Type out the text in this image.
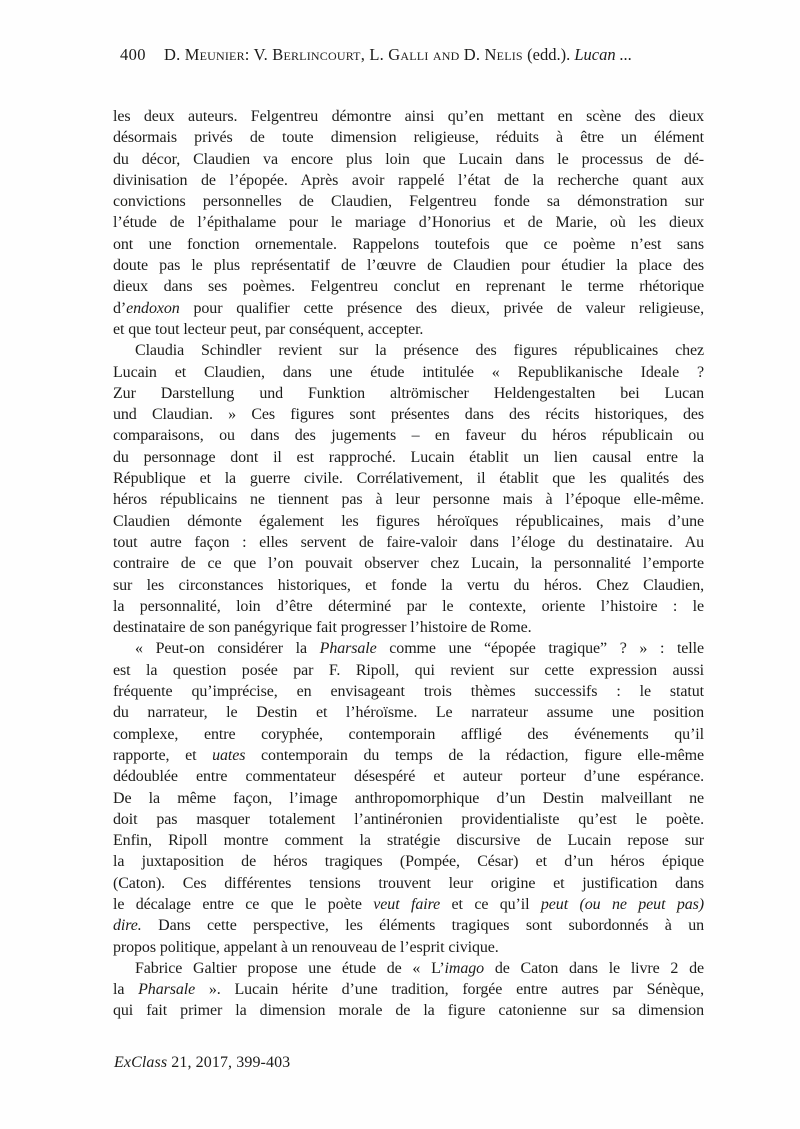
400 D. Meunier: V. Berlincourt, L. Galli and D. Nelis (edd.). Lucan ...
les deux auteurs. Felgentreu démontre ainsi qu’en mettant en scène des dieux
désormais privés de toute dimension religieuse, réduits à être un élément
du décor, Claudien va encore plus loin que Lucain dans le processus de dé-
divinisation de l’épopée. Après avoir rappelé l’état de la recherche quant aux
convictions personnelles de Claudien, Felgentreu fonde sa démonstration sur
l’étude de l’épithalame pour le mariage d’Honorius et de Marie, où les dieux
ont une fonction ornementale. Rappelons toutefois que ce poème n’est sans
doute pas le plus représentatif de l’œuvre de Claudien pour étudier la place des
dieux dans ses poèmes. Felgentreu conclut en reprenant le terme rhétorique
d’endoxon pour qualifier cette présence des dieux, privée de valeur religieuse,
et que tout lecteur peut, par conséquent, accepter.
Claudia Schindler revient sur la présence des figures républicaines chez
Lucain et Claudien, dans une étude intitulée « Republikanische Ideale ?
Zur Darstellung und Funktion altrömischer Heldengestalten bei Lucan
und Claudian. » Ces figures sont présentes dans des récits historiques, des
comparaisons, ou dans des jugements – en faveur du héros républicain ou
du personnage dont il est rapproché. Lucain établit un lien causal entre la
République et la guerre civile. Corrélativement, il établit que les qualités des
héros républicains ne tiennent pas à leur personne mais à l’époque elle-même.
Claudien démonte également les figures héroïques républicaines, mais d’une
tout autre façon : elles servent de faire-valoir dans l’éloge du destinataire. Au
contraire de ce que l’on pouvait observer chez Lucain, la personnalité l’emporte
sur les circonstances historiques, et fonde la vertu du héros. Chez Claudien,
la personnalité, loin d’être déterminé par le contexte, oriente l’histoire : le
destinataire de son panégyrique fait progresser l’histoire de Rome.
« Peut-on considérer la Pharsale comme une “épopée tragique” ? » : telle
est la question posée par F. Ripoll, qui revient sur cette expression aussi
fréquente qu’imprécise, en envisageant trois thèmes successifs : le statut
du narrateur, le Destin et l’héroïsme. Le narrateur assume une position
complexe, entre coryphée, contemporain affligé des événements qu’il
rapporte, et uates contemporain du temps de la rédaction, figure elle-même
dédoublée entre commentateur désespéré et auteur porteur d’une espérance.
De la même façon, l’image anthropomorphique d’un Destin malveillant ne
doit pas masquer totalement l’antinéronien providentialiste qu’est le poète.
Enfin, Ripoll montre comment la stratégie discursive de Lucain repose sur
la juxtaposition de héros tragiques (Pompée, César) et d’un héros épique
(Caton). Ces différentes tensions trouvent leur origine et justification dans
le décalage entre ce que le poète veut faire et ce qu’il peut (ou ne peut pas)
dire. Dans cette perspective, les éléments tragiques sont subordonnés à un
propos politique, appelant à un renouveau de l’esprit civique.
Fabrice Galtier propose une étude de « L’imago de Caton dans le livre 2 de
la Pharsale ». Lucain hérite d’une tradition, forgée entre autres par Sénèque,
qui fait primer la dimension morale de la figure catonienne sur sa dimension
ExClass 21, 2017, 399-403
